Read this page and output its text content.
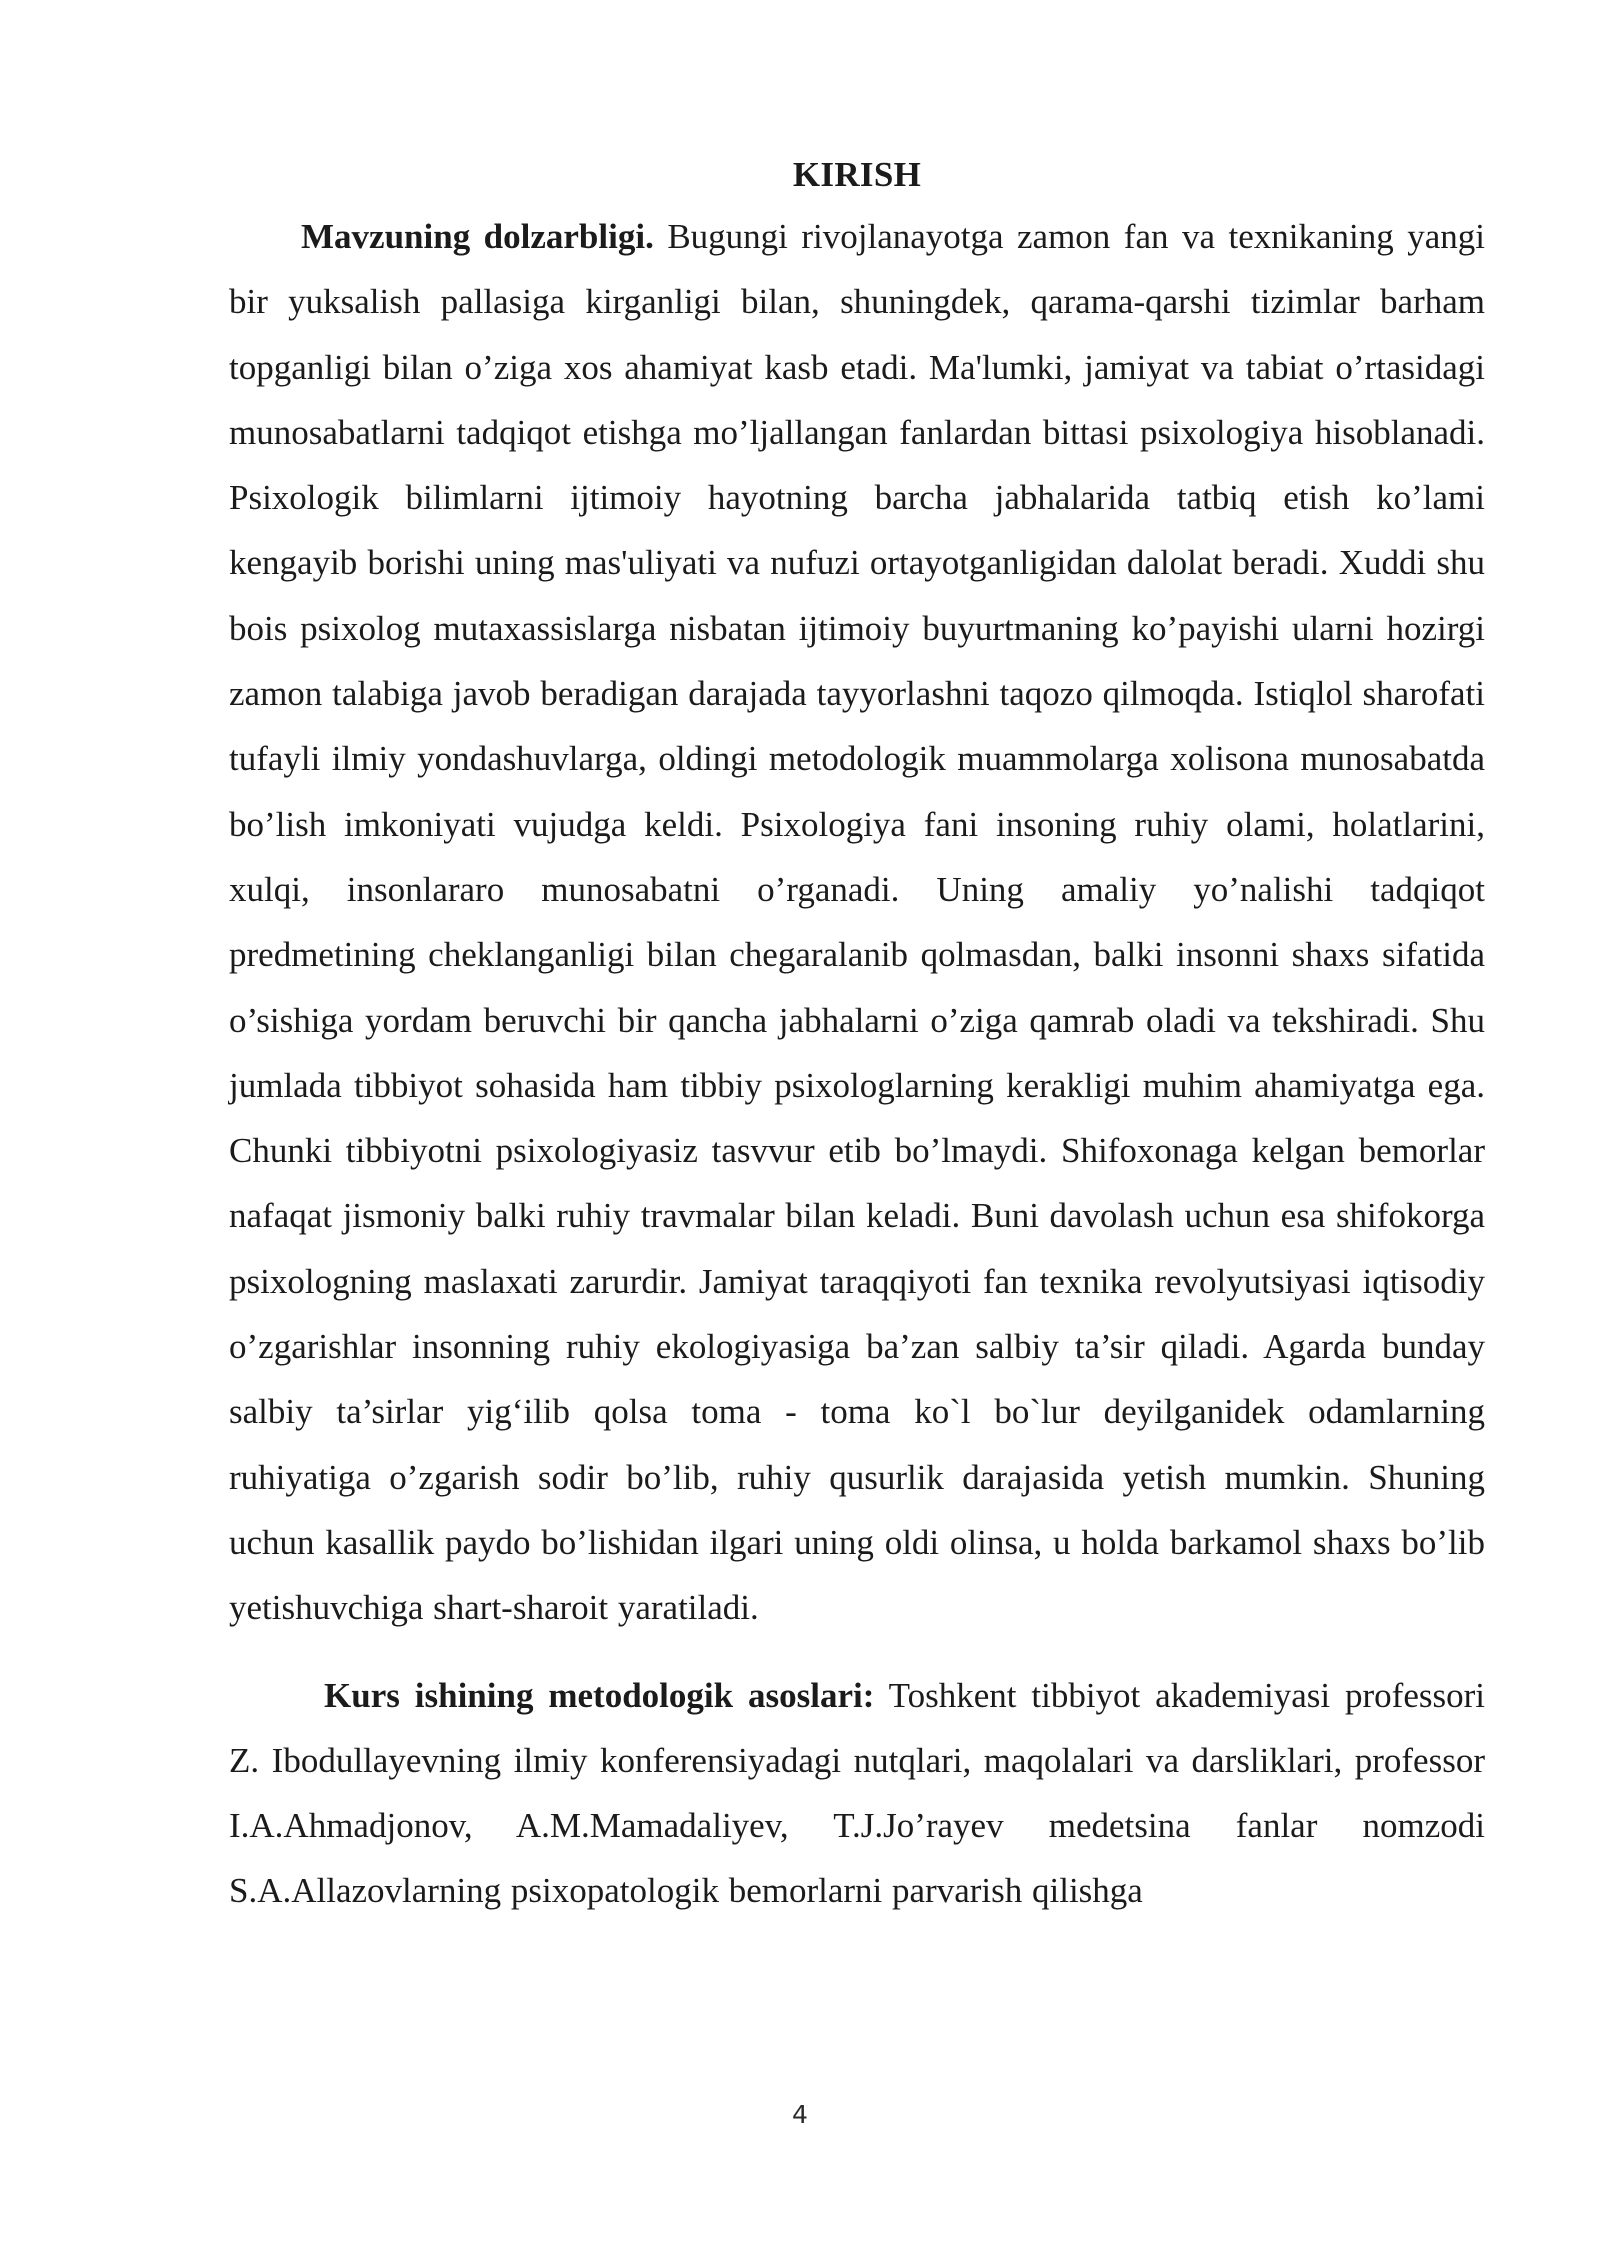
KIRISH

Mavzuning dolzarbligi. Bugungi rivojlanayotga zamon fan va texnikaning yangi bir yuksalish pallasiga kirganligi bilan, shuningdek, qarama-qarshi tizimlar barham topganligi bilan o’ziga xos ahamiyat kasb etadi. Ma'lumki, jamiyat va tabiat o’rtasidagi munosabatlarni tadqiqot etishga mo’ljallangan fanlardan bittasi psixologiya hisoblanadi. Psixologik bilimlarni ijtimoiy hayotning barcha jabhalarida tatbiq etish ko’lami kengayib borishi uning mas'uliyati va nufuzi ortayotganligidan dalolat beradi. Xuddi shu bois psixolog mutaxassislarga nisbatan ijtimoiy buyurtmaning ko’payishi ularni hozirgi zamon talabiga javob beradigan darajada tayyorlashni taqozo qilmoqda. Istiqlol sharofati tufayli ilmiy yondashuvlarga, oldingi metodologik muammolarga xolisona munosabatda bo’lish imkoniyati vujudga keldi. Psixologiya fani insoning ruhiy olami, holatlarini, xulqi, insonlararo munosabatni o’rganadi. Uning amaliy yo’nalishi tadqiqot predmetining cheklanganligi bilan chegaralanib qolmasdan, balki insonni shaxs sifatida o’sishiga yordam beruvchi bir qancha jabhalarni o’ziga qamrab oladi va tekshiradi. Shu jumlada tibbiyot sohasida ham tibbiy psixologlarning kerakligi muhim ahamiyatga ega. Chunki tibbiyotni psixologiyasiz tasvvur etib bo’lmaydi. Shifoxonaga kelgan bemorlar nafaqat jismoniy balki ruhiy travmalar bilan keladi. Buni davolash uchun esa shifokorga psixologning maslaxati zarurdir. Jamiyat taraqqiyoti fan texnika revolyutsiyasi iqtisodiy o’zgarishlar insonning ruhiy ekologiyasiga ba’zan salbiy ta’sir qiladi. Agarda bunday salbiy ta’sirlar yig‘ilib qolsa toma - toma ko`l bo`lur deyilganidek odamlarning ruhiyatiga o’zgarish sodir bo’lib, ruhiy qusurlik darajasida yetish mumkin. Shuning uchun kasallik paydo bo’lishidan ilgari uning oldi olinsa, u holda barkamol shaxs bo’lib yetishuvchiga shart-sharoit yaratiladi.

Kurs ishining metodologik asoslari: Toshkent tibbiyot akademiyasi professori Z. Ibodullayevning ilmiy konferensiyadagi nutqlari, maqolalari va darsliklari, professor I.A.Ahmadjonov, A.M.Mamadaliyev, T.J.Jo’rayev medetsina fanlar nomzodi S.A.Allazovlarning psixopatologik bemorlarni parvarish qilishga

4
